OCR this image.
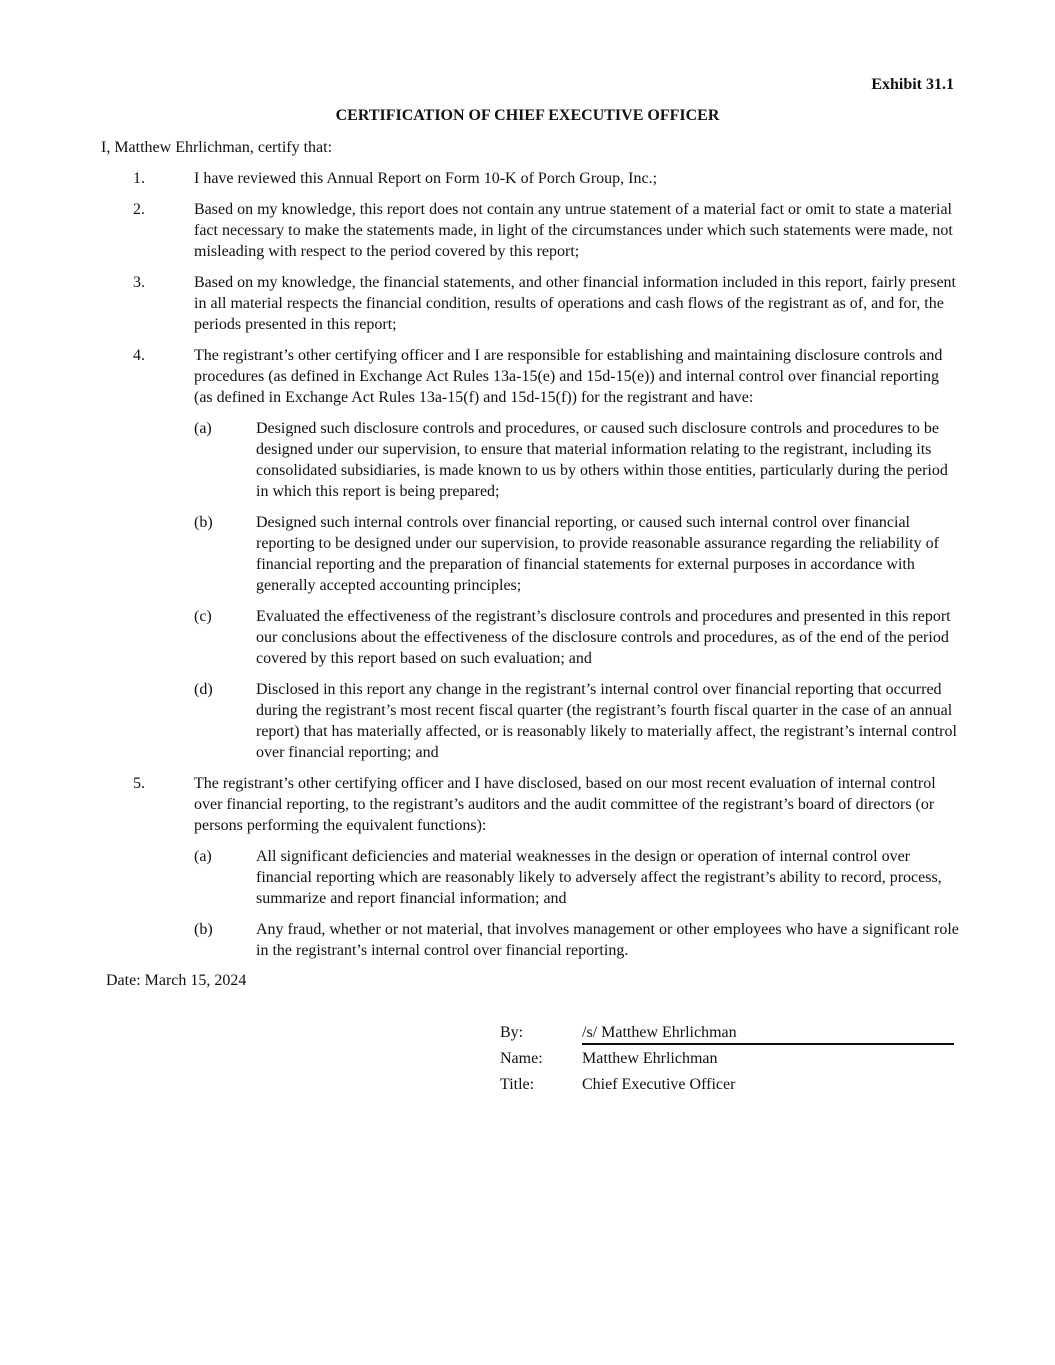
Exhibit 31.1

CERTIFICATION OF CHIEF EXECUTIVE OFFICER

I, Matthew Ehrlichman, certify that:

1.	I have reviewed this Annual Report on Form 10-K of Porch Group, Inc.;
2.	Based on my knowledge, this report does not contain any untrue statement of a material fact or omit to state a material fact necessary to make the statements made, in light of the circumstances under which such statements were made, not misleading with respect to the period covered by this report;
3.	Based on my knowledge, the financial statements, and other financial information included in this report, fairly present in all material respects the financial condition, results of operations and cash flows of the registrant as of, and for, the periods presented in this report;
4.	The registrant’s other certifying officer and I are responsible for establishing and maintaining disclosure controls and procedures (as defined in Exchange Act Rules 13a-15(e) and 15d-15(e)) and internal control over financial reporting (as defined in Exchange Act Rules 13a-15(f) and 15d-15(f)) for the registrant and have:
(a)	Designed such disclosure controls and procedures, or caused such disclosure controls and procedures to be designed under our supervision, to ensure that material information relating to the registrant, including its consolidated subsidiaries, is made known to us by others within those entities, particularly during the period in which this report is being prepared;
(b)	Designed such internal controls over financial reporting, or caused such internal control over financial reporting to be designed under our supervision, to provide reasonable assurance regarding the reliability of financial reporting and the preparation of financial statements for external purposes in accordance with generally accepted accounting principles;
(c)	Evaluated the effectiveness of the registrant’s disclosure controls and procedures and presented in this report our conclusions about the effectiveness of the disclosure controls and procedures, as of the end of the period covered by this report based on such evaluation; and
(d)	Disclosed in this report any change in the registrant’s internal control over financial reporting that occurred during the registrant’s most recent fiscal quarter (the registrant’s fourth fiscal quarter in the case of an annual report) that has materially affected, or is reasonably likely to materially affect, the registrant’s internal control over financial reporting; and
5.	The registrant’s other certifying officer and I have disclosed, based on our most recent evaluation of internal control over financial reporting, to the registrant’s auditors and the audit committee of the registrant’s board of directors (or persons performing the equivalent functions):
(a)	All significant deficiencies and material weaknesses in the design or operation of internal control over financial reporting which are reasonably likely to adversely affect the registrant’s ability to record, process, summarize and report financial information; and
(b)	Any fraud, whether or not material, that involves management or other employees who have a significant role in the registrant’s internal control over financial reporting.

Date: March 15, 2024

By:	/s/ Matthew Ehrlichman
Name: Matthew Ehrlichman
Title:	Chief Executive Officer
